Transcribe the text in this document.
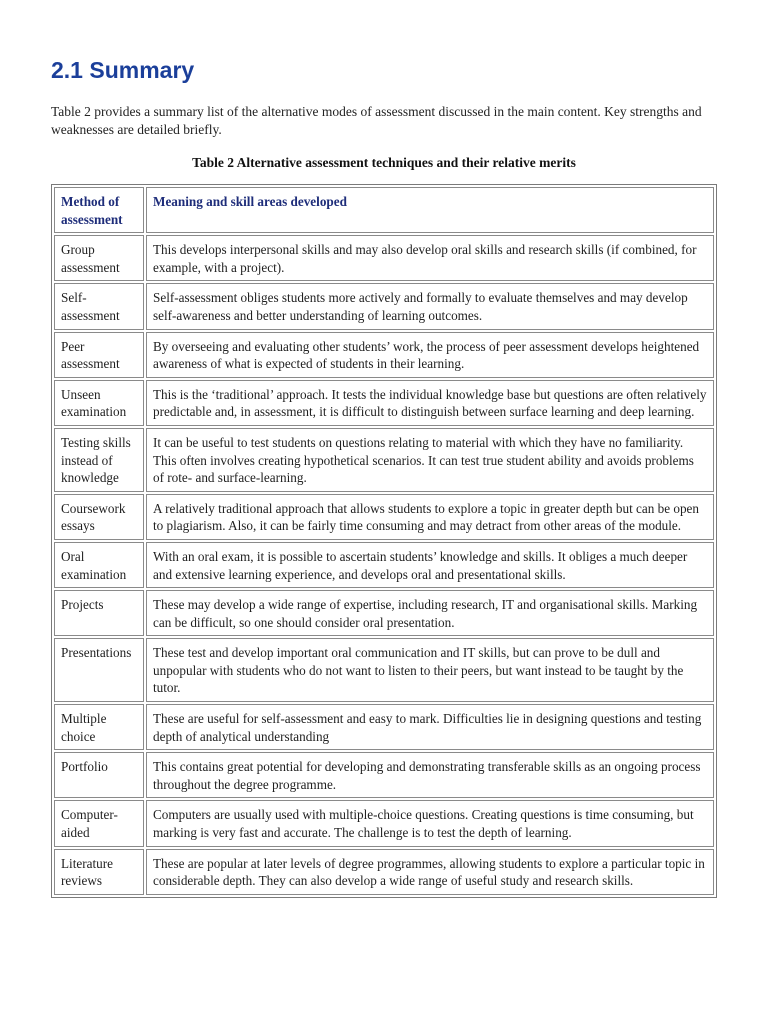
2.1 Summary

Table 2 provides a summary list of the alternative modes of assessment discussed in the main content. Key strengths and weaknesses are detailed briefly.

Table 2 Alternative assessment techniques and their relative merits

Method of assessment	Meaning and skill areas developed
Group assessment	This develops interpersonal skills and may also develop oral skills and research skills (if combined, for example, with a project).
Self-assessment	Self-assessment obliges students more actively and formally to evaluate themselves and may develop self-awareness and better understanding of learning outcomes.
Peer assessment	By overseeing and evaluating other students’ work, the process of peer assessment develops heightened awareness of what is expected of students in their learning.
Unseen examination	This is the ‘traditional’ approach. It tests the individual knowledge base but questions are often relatively predictable and, in assessment, it is difficult to distinguish between surface learning and deep learning.
Testing skills instead of knowledge	It can be useful to test students on questions relating to material with which they have no familiarity. This often involves creating hypothetical scenarios. It can test true student ability and avoids problems of rote- and surface-learning.
Coursework essays	A relatively traditional approach that allows students to explore a topic in greater depth but can be open to plagiarism. Also, it can be fairly time consuming and may detract from other areas of the module.
Oral examination	With an oral exam, it is possible to ascertain students’ knowledge and skills. It obliges a much deeper and extensive learning experience, and develops oral and presentational skills.
Projects	These may develop a wide range of expertise, including research, IT and organisational skills. Marking can be difficult, so one should consider oral presentation.
Presentations	These test and develop important oral communication and IT skills, but can prove to be dull and unpopular with students who do not want to listen to their peers, but want instead to be taught by the tutor.
Multiple choice	These are useful for self-assessment and easy to mark. Difficulties lie in designing questions and testing depth of analytical understanding
Portfolio	This contains great potential for developing and demonstrating transferable skills as an ongoing process throughout the degree programme.
Computer-aided	Computers are usually used with multiple-choice questions. Creating questions is time consuming, but marking is very fast and accurate. The challenge is to test the depth of learning.
Literature reviews	These are popular at later levels of degree programmes, allowing students to explore a particular topic in considerable depth. They can also develop a wide range of useful study and research skills.
